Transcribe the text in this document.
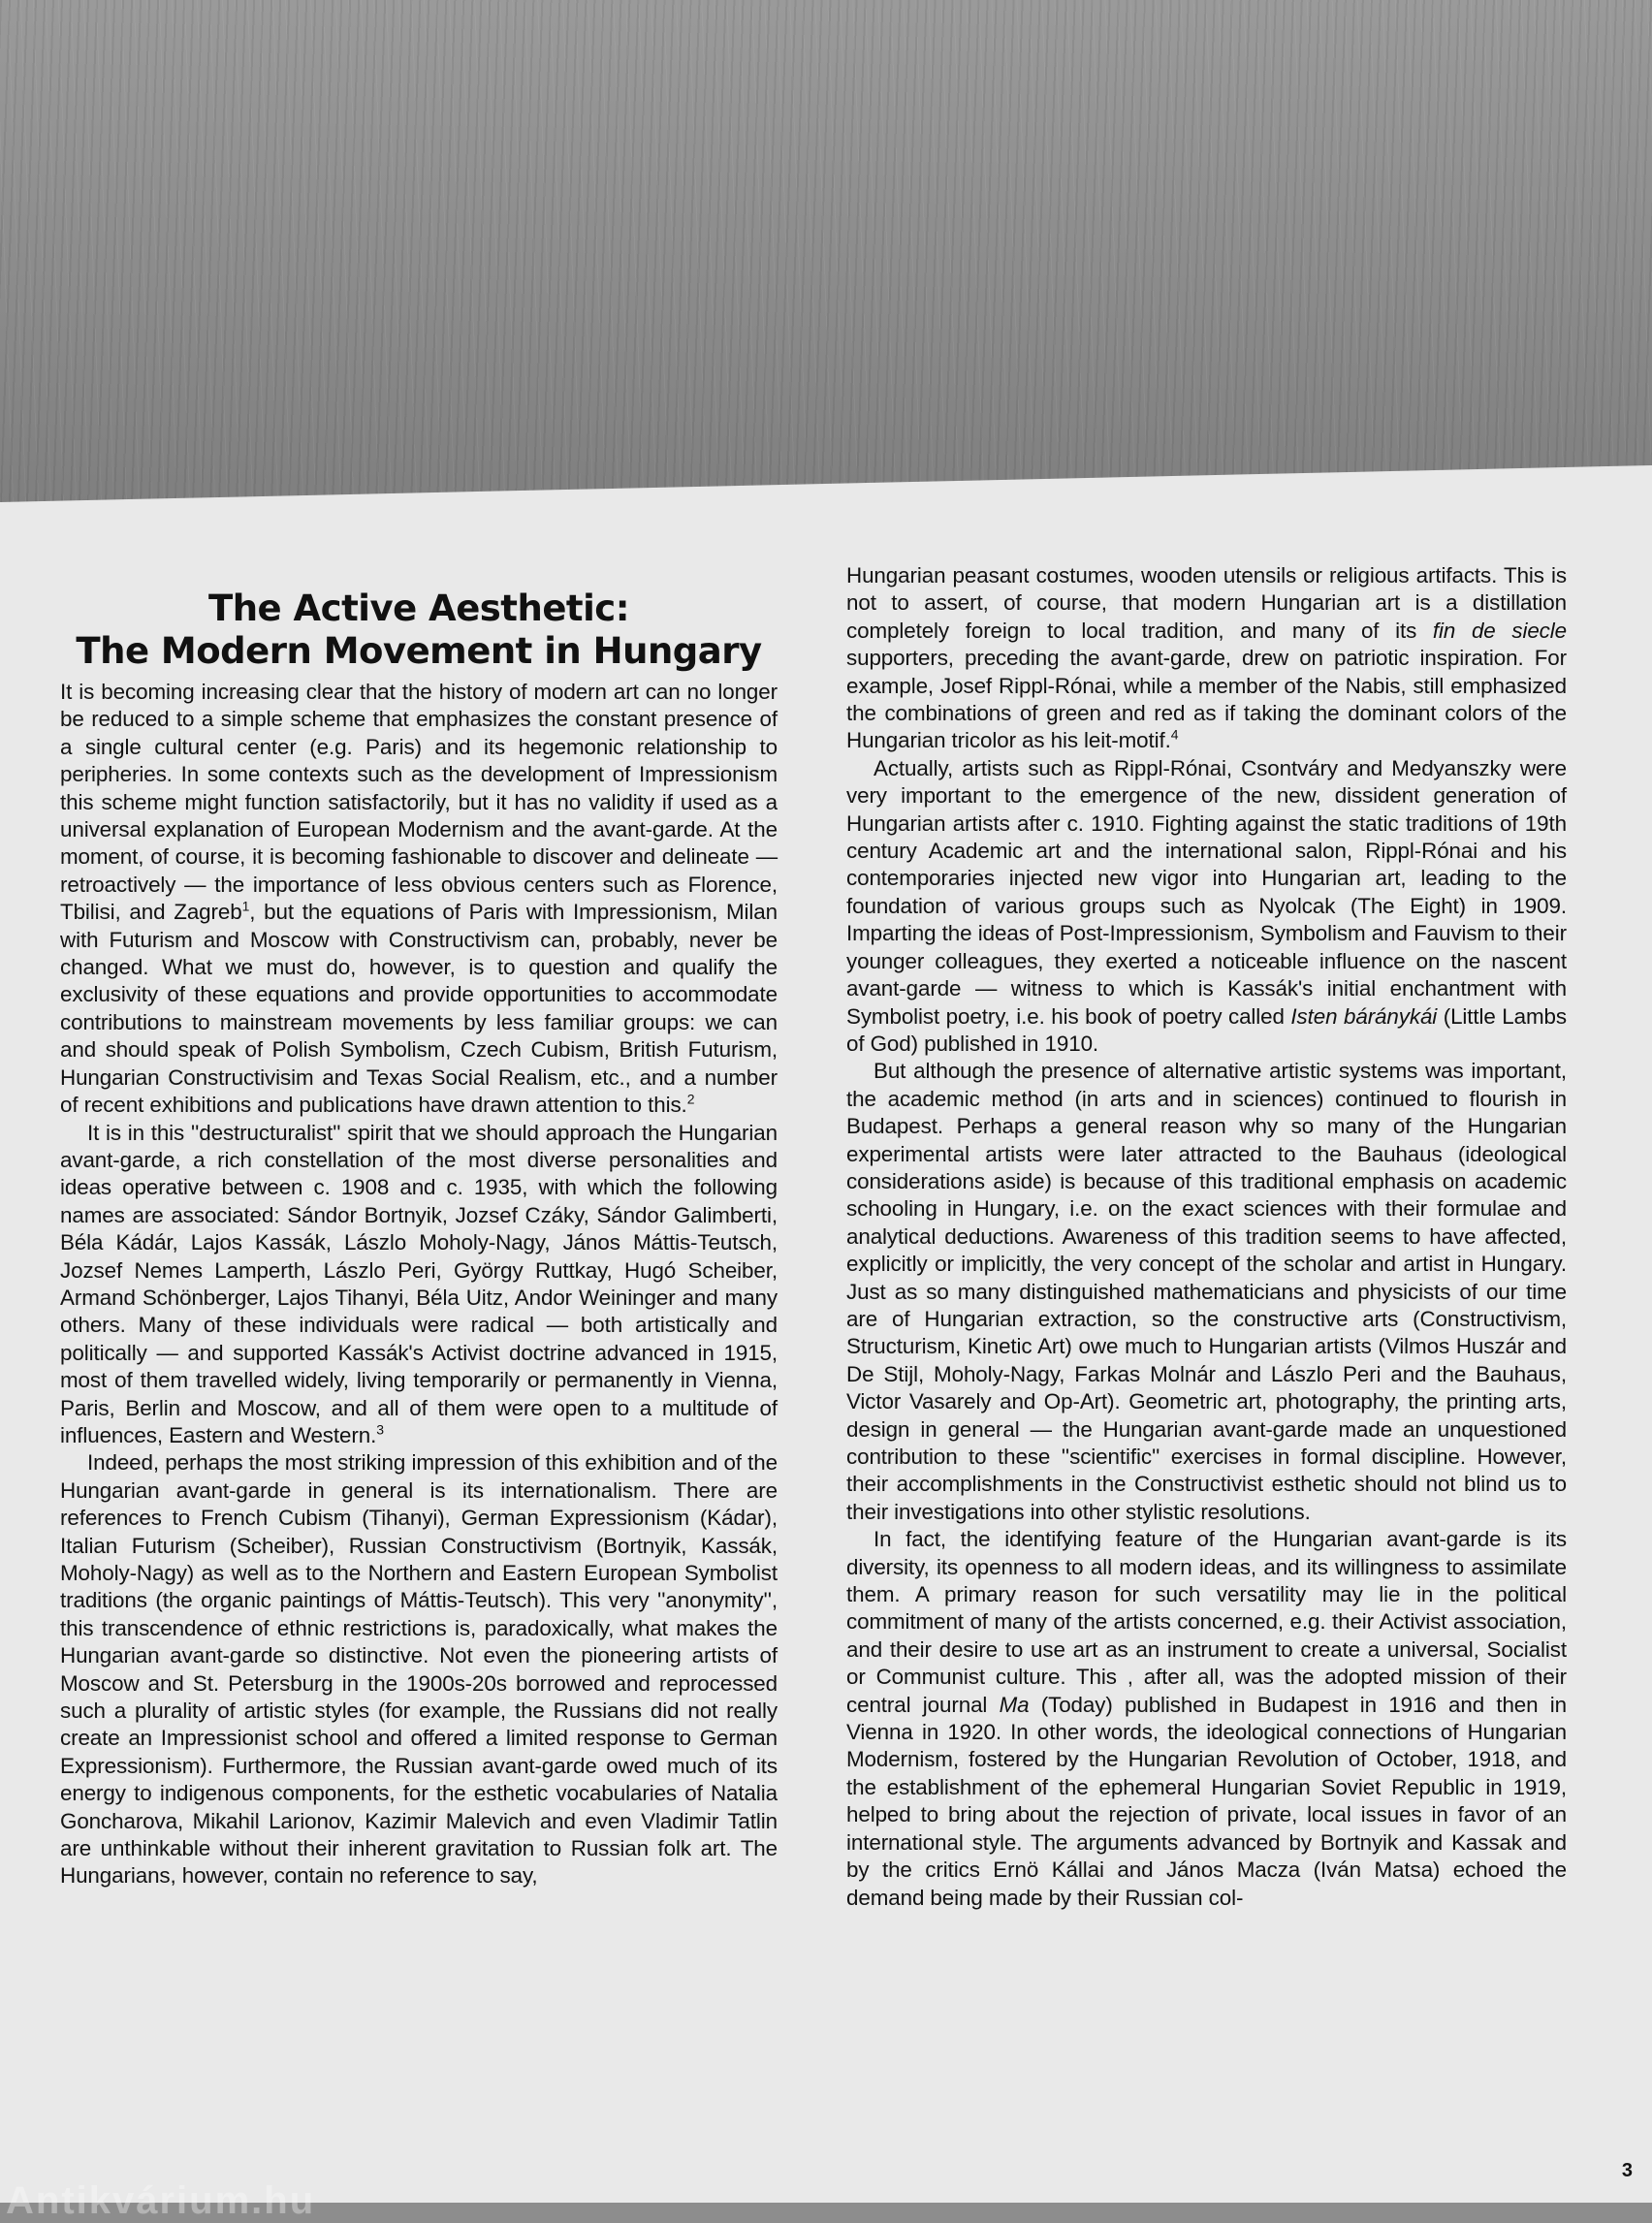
The Active Aesthetic:
The Modern Movement in Hungary

It is becoming increasing clear that the history of modern art can no longer be reduced to a simple scheme that emphasizes the constant presence of a single cultural center (e.g. Paris) and its hegemonic relationship to peripheries. In some contexts such as the development of Impressionism this scheme might function satisfactorily, but it has no validity if used as a universal explanation of European Modernism and the avant-garde. At the moment, of course, it is becoming fashionable to discover and delineate — retroactively — the importance of less obvious centers such as Florence, Tbilisi, and Zagreb$^1$, but the equations of Paris with Impressionism, Milan with Futurism and Moscow with Constructivism can, probably, never be changed. What we must do, however, is to question and qualify the exclusivity of these equations and provide opportunities to accommodate contributions to mainstream movements by less familiar groups: we can and should speak of Polish Symbolism, Czech Cubism, British Futurism, Hungarian Constructivisim and Texas Social Realism, etc., and a number of recent exhibitions and publications have drawn attention to this.$^2$

It is in this ''destructuralist'' spirit that we should approach the Hungarian avant-garde, a rich constellation of the most diverse personalities and ideas operative between c. 1908 and c. 1935, with which the following names are associated: Sándor Bortnyik, Jozsef Czáky, Sándor Galimberti, Béla Kádár, Lajos Kassák, Lászlo Moholy-Nagy, János Máttis-Teutsch, Jozsef Nemes Lamperth, Lászlo Peri, György Ruttkay, Hugó Scheiber, Armand Schönberger, Lajos Tihanyi, Béla Uitz, Andor Weininger and many others. Many of these individuals were radical — both artistically and politically — and supported Kassák's Activist doctrine advanced in 1915, most of them travelled widely, living temporarily or permanently in Vienna, Paris, Berlin and Moscow, and all of them were open to a multitude of influences, Eastern and Western.$^3$

Indeed, perhaps the most striking impression of this exhibition and of the Hungarian avant-garde in general is its internationalism. There are references to French Cubism (Tihanyi), German Expressionism (Kádar), Italian Futurism (Scheiber), Russian Constructivism (Bortnyik, Kassák, Moholy-Nagy) as well as to the Northern and Eastern European Symbolist traditions (the organic paintings of Máttis-Teutsch). This very ''anonymity'', this transcendence of ethnic restrictions is, paradoxically, what makes the Hungarian avant-garde so distinctive. Not even the pioneering artists of Moscow and St. Petersburg in the 1900s-20s borrowed and reprocessed such a plurality of artistic styles (for example, the Russians did not really create an Impressionist school and offered a limited response to German Expressionism). Furthermore, the Russian avant-garde owed much of its energy to indigenous components, for the esthetic vocabularies of Natalia Goncharova, Mikahil Larionov, Kazimir Malevich and even Vladimir Tatlin are unthinkable without their inherent gravitation to Russian folk art. The Hungarians, however, contain no reference to say,

Hungarian peasant costumes, wooden utensils or religious artifacts. This is not to assert, of course, that modern Hungarian art is a distillation completely foreign to local tradition, and many of its fin de siecle supporters, preceding the avant-garde, drew on patriotic inspiration. For example, Josef Rippl-Rónai, while a member of the Nabis, still emphasized the combinations of green and red as if taking the dominant colors of the Hungarian tricolor as his leit-motif.$^4$

Actually, artists such as Rippl-Rónai, Csontváry and Medyanszky were very important to the emergence of the new, dissident generation of Hungarian artists after c. 1910. Fighting against the static traditions of 19th century Academic art and the international salon, Rippl-Rónai and his contemporaries injected new vigor into Hungarian art, leading to the foundation of various groups such as Nyolcak (The Eight) in 1909. Imparting the ideas of Post-Impressionism, Symbolism and Fauvism to their younger colleagues, they exerted a noticeable influence on the nascent avant-garde — witness to which is Kassák's initial enchantment with Symbolist poetry, i.e. his book of poetry called Isten báránykái (Little Lambs of God) published in 1910.

But although the presence of alternative artistic systems was important, the academic method (in arts and in sciences) continued to flourish in Budapest. Perhaps a general reason why so many of the Hungarian experimental artists were later attracted to the Bauhaus (ideological considerations aside) is because of this traditional emphasis on academic schooling in Hungary, i.e. on the exact sciences with their formulae and analytical deductions. Awareness of this tradition seems to have affected, explicitly or implicitly, the very concept of the scholar and artist in Hungary. Just as so many distinguished mathematicians and physicists of our time are of Hungarian extraction, so the constructive arts (Constructivism, Structurism, Kinetic Art) owe much to Hungarian artists (Vilmos Huszár and De Stijl, Moholy-Nagy, Farkas Molnár and Lászlo Peri and the Bauhaus, Victor Vasarely and Op-Art). Geometric art, photography, the printing arts, design in general — the Hungarian avant-garde made an unquestioned contribution to these ''scientific'' exercises in formal discipline. However, their accomplishments in the Constructivist esthetic should not blind us to their investigations into other stylistic resolutions.

In fact, the identifying feature of the Hungarian avant-garde is its diversity, its openness to all modern ideas, and its willingness to assimilate them. A primary reason for such versatility may lie in the political commitment of many of the artists concerned, e.g. their Activist association, and their desire to use art as an instrument to create a universal, Socialist or Communist culture. This , after all, was the adopted mission of their central journal Ma (Today) published in Budapest in 1916 and then in Vienna in 1920. In other words, the ideological connections of Hungarian Modernism, fostered by the Hungarian Revolution of October, 1918, and the establishment of the ephemeral Hungarian Soviet Republic in 1919, helped to bring about the rejection of private, local issues in favor of an international style. The arguments advanced by Bortnyik and Kassak and by the critics Ernö Kállai and János Macza (Iván Matsa) echoed the demand being made by their Russian col-

3
Antikvárium.hu
